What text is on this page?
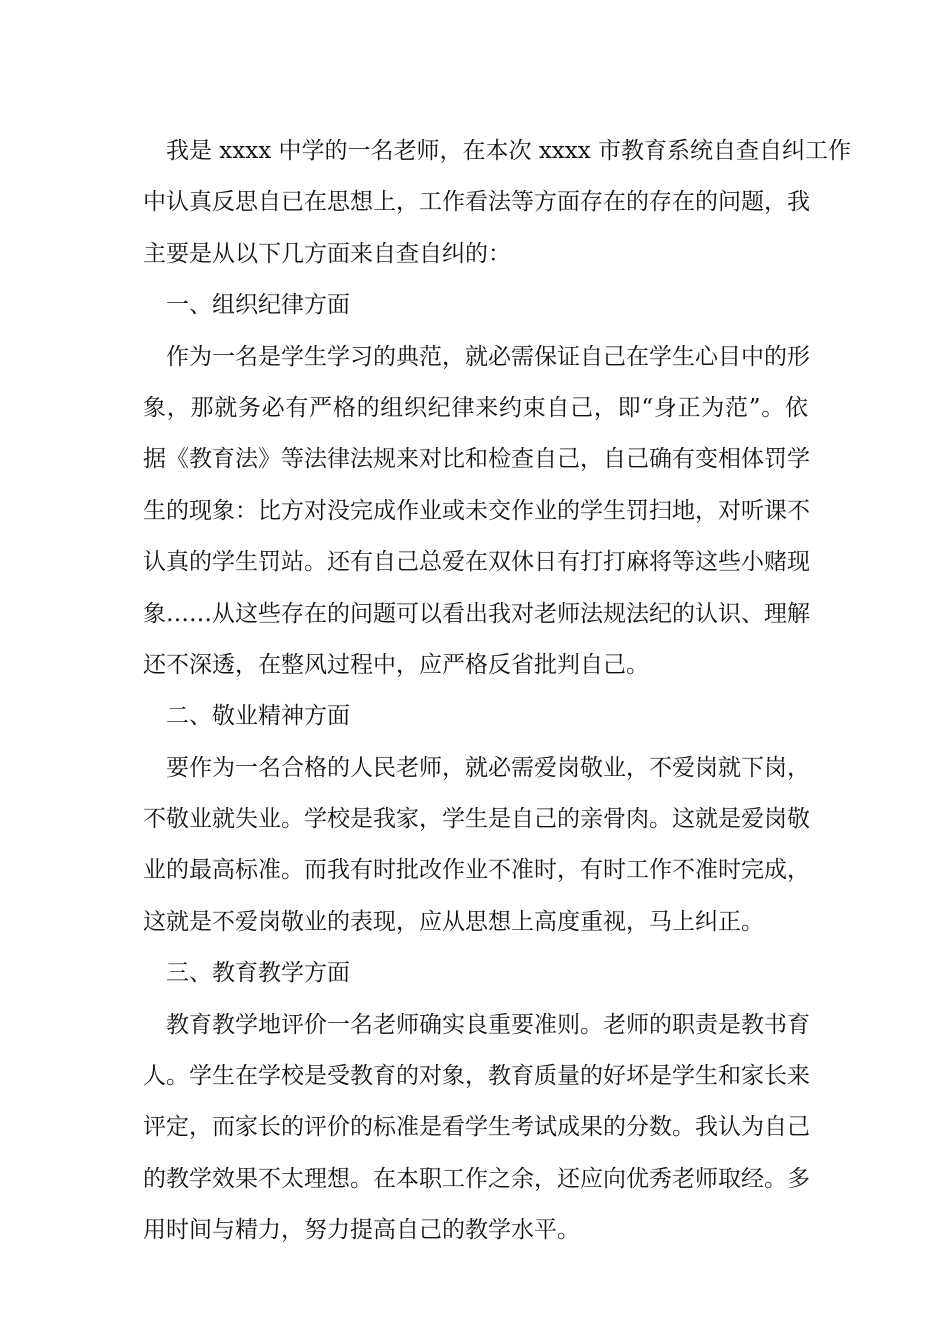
我是 xxxx 中学的一名老师，在本次 xxxx 市教育系统自查自纠工作
中认真反思自已在思想上，工作看法等方面存在的存在的问题，我
主要是从以下几方面来自查自纠的：
一、组织纪律方面
作为一名是学生学习的典范，就必需保证自己在学生心目中的形
象，那就务必有严格的组织纪律来约束自己，即“身正为范”。依
据《教育法》等法律法规来对比和检查自己，自己确有变相体罚学
生的现象：比方对没完成作业或未交作业的学生罚扫地，对听课不
认真的学生罚站。还有自己总爱在双休日有打打麻将等这些小赌现
象……从这些存在的问题可以看出我对老师法规法纪的认识、理解
还不深透，在整风过程中，应严格反省批判自己。
二、敬业精神方面
要作为一名合格的人民老师，就必需爱岗敬业，不爱岗就下岗，
不敬业就失业。学校是我家，学生是自己的亲骨肉。这就是爱岗敬
业的最高标准。而我有时批改作业不准时，有时工作不准时完成，
这就是不爱岗敬业的表现，应从思想上高度重视，马上纠正。
三、教育教学方面
教育教学地评价一名老师确实良重要准则。老师的职责是教书育
人。学生在学校是受教育的对象，教育质量的好坏是学生和家长来
评定，而家长的评价的标准是看学生考试成果的分数。我认为自己
的教学效果不太理想。在本职工作之余，还应向优秀老师取经。多
用时间与精力，努力提高自己的教学水平。
